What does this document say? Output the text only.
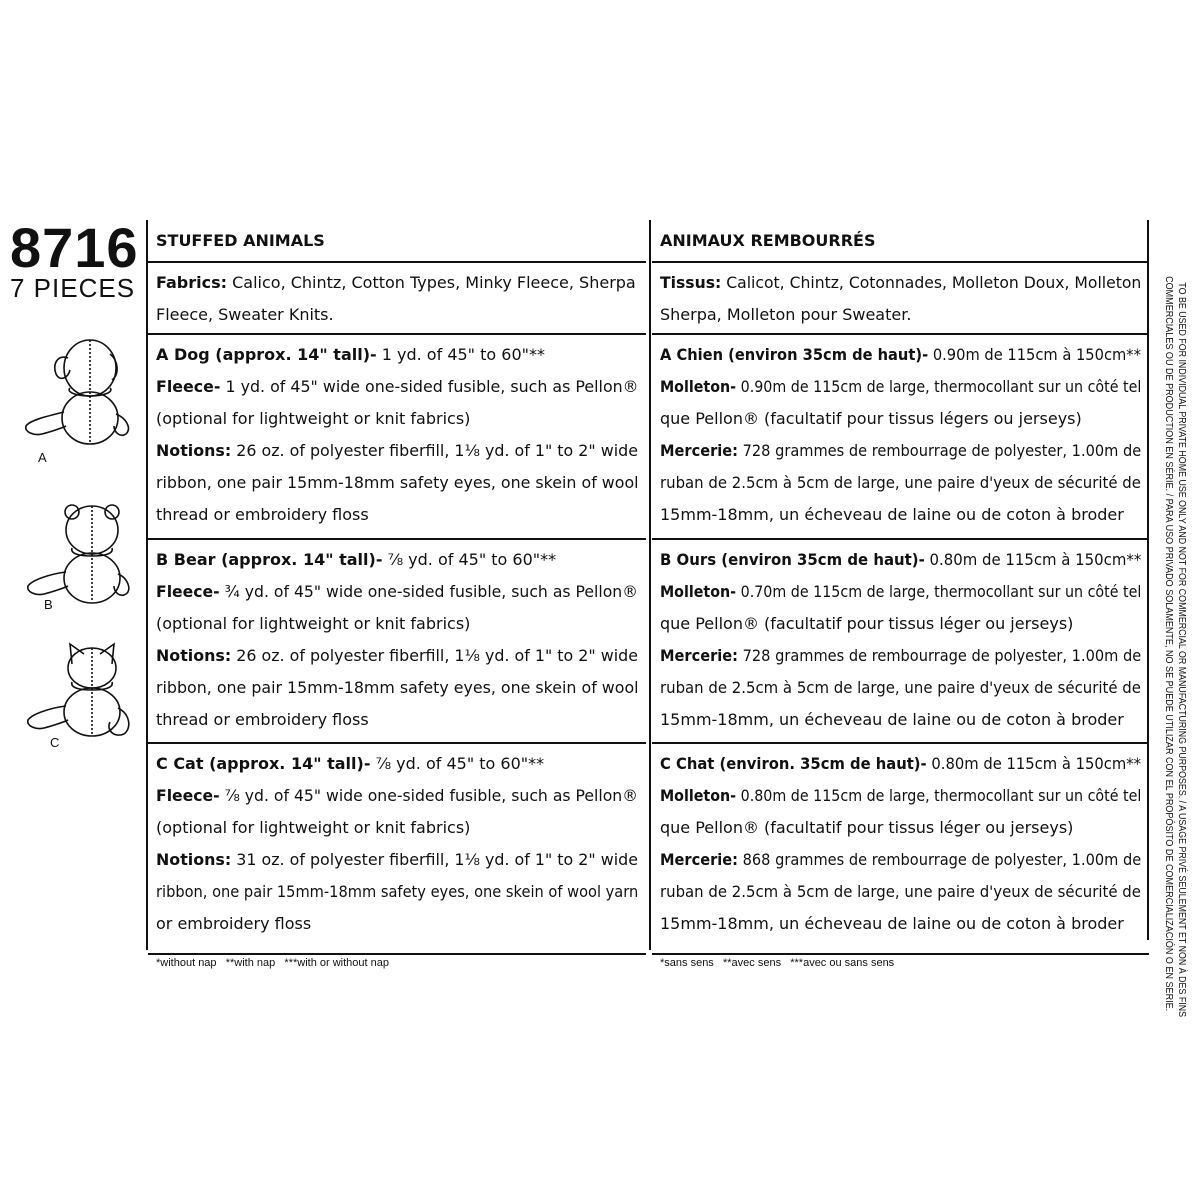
8716
7 PIECES
A
B
C
STUFFED ANIMALS
Fabrics: Calico, Chintz, Cotton Types, Minky Fleece, Sherpa
Fleece, Sweater Knits.
A Dog (approx. 14" tall)- 1 yd. of 45" to 60"**
Fleece- 1 yd. of 45" wide one-sided fusible, such as Pellon®
(optional for lightweight or knit fabrics)
Notions: 26 oz. of polyester fiberfill, 1⅛ yd. of 1" to 2" wide
ribbon, one pair 15mm-18mm safety eyes, one skein of wool
thread or embroidery floss
B Bear (approx. 14" tall)- ⅞ yd. of 45" to 60"**
Fleece- ¾ yd. of 45" wide one-sided fusible, such as Pellon®
(optional for lightweight or knit fabrics)
Notions: 26 oz. of polyester fiberfill, 1⅛ yd. of 1" to 2" wide
ribbon, one pair 15mm-18mm safety eyes, one skein of wool
thread or embroidery floss
C Cat (approx. 14" tall)- ⅞ yd. of 45" to 60"**
Fleece- ⅞ yd. of 45" wide one-sided fusible, such as Pellon®
(optional for lightweight or knit fabrics)
Notions: 31 oz. of polyester fiberfill, 1⅛ yd. of 1" to 2" wide
ribbon, one pair 15mm-18mm safety eyes, one skein of wool yarn
or embroidery floss
*without nap   **with nap   ***with or without nap
ANIMAUX REMBOURRÉS
Tissus: Calicot, Chintz, Cotonnades, Molleton Doux, Molleton
Sherpa, Molleton pour Sweater.
A Chien (environ 35cm de haut)- 0.90m de 115cm à 150cm**
Molleton- 0.90m de 115cm de large, thermocollant sur un côté tel
que Pellon® (facultatif pour tissus légers ou jerseys)
Mercerie: 728 grammes de rembourrage de polyester, 1.00m de
ruban de 2.5cm à 5cm de large, une paire d'yeux de sécurité de
15mm-18mm, un écheveau de laine ou de coton à broder
B Ours (environ 35cm de haut)- 0.80m de 115cm à 150cm**
Molleton- 0.70m de 115cm de large, thermocollant sur un côté tel
que Pellon® (facultatif pour tissus léger ou jerseys)
Mercerie: 728 grammes de rembourrage de polyester, 1.00m de
ruban de 2.5cm à 5cm de large, une paire d'yeux de sécurité de
15mm-18mm, un écheveau de laine ou de coton à broder
C Chat (environ. 35cm de haut)- 0.80m de 115cm à 150cm**
Molleton- 0.80m de 115cm de large, thermocollant sur un côté tel
que Pellon® (facultatif pour tissus léger ou jerseys)
Mercerie: 868 grammes de rembourrage de polyester, 1.00m de
ruban de 2.5cm à 5cm de large, une paire d'yeux de sécurité de
15mm-18mm, un écheveau de laine ou de coton à broder
*sans sens   **avec sens   ***avec ou sans sens	TO BE USED FOR INDIVIDUAL PRIVATE HOME USE ONLY AND NOT FOR COMMERCIAL OR MANUFACTURING PURPOSES. / A USAGE PRIVÉ SEULEMENT ET NON À DES FINS
COMMERCIALES OU DE PRODUCTION EN SÉRIE. / PARA USO PRIVADO SOLAMENTE, NO SE PUEDE UTILIZAR CON EL PROPÓSITO DE COMERCIALIZACIÓN O EN SERIE.
